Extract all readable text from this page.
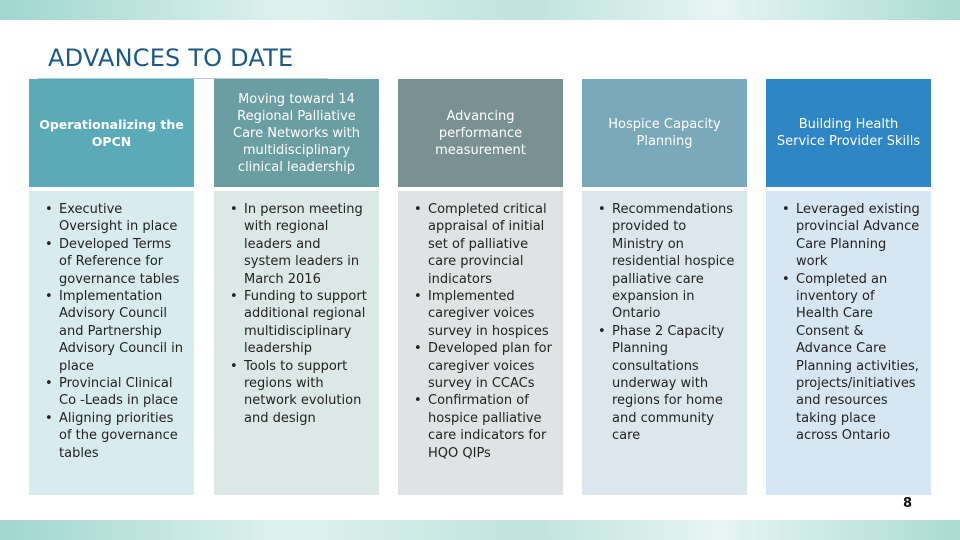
ADVANCES TO DATE
Operationalizing the OPCN
• Executive Oversight in place
• Developed Terms of Reference for governance tables
• Implementation Advisory Council and Partnership Advisory Council in place
• Provincial Clinical Co -Leads in place
• Aligning priorities of the governance tables
Moving toward 14 Regional Palliative Care Networks with multidisciplinary clinical leadership
• In person meeting with regional leaders and system leaders in March 2016
• Funding to support additional regional multidisciplinary leadership
• Tools to support regions with network evolution and design
Advancing performance measurement
• Completed critical appraisal of initial set of palliative care provincial indicators
• Implemented caregiver voices survey in hospices
• Developed plan for caregiver voices survey in CCACs
• Confirmation of hospice palliative care indicators for HQO QIPs
Hospice Capacity Planning
• Recommendations provided to Ministry on residential hospice palliative care expansion in Ontario
• Phase 2 Capacity Planning consultations underway with regions for home and community care
Building Health Service Provider Skills
• Leveraged existing provincial Advance Care Planning work
• Completed an inventory of Health Care Consent & Advance Care Planning activities, projects/initiatives and resources taking place across Ontario
8
